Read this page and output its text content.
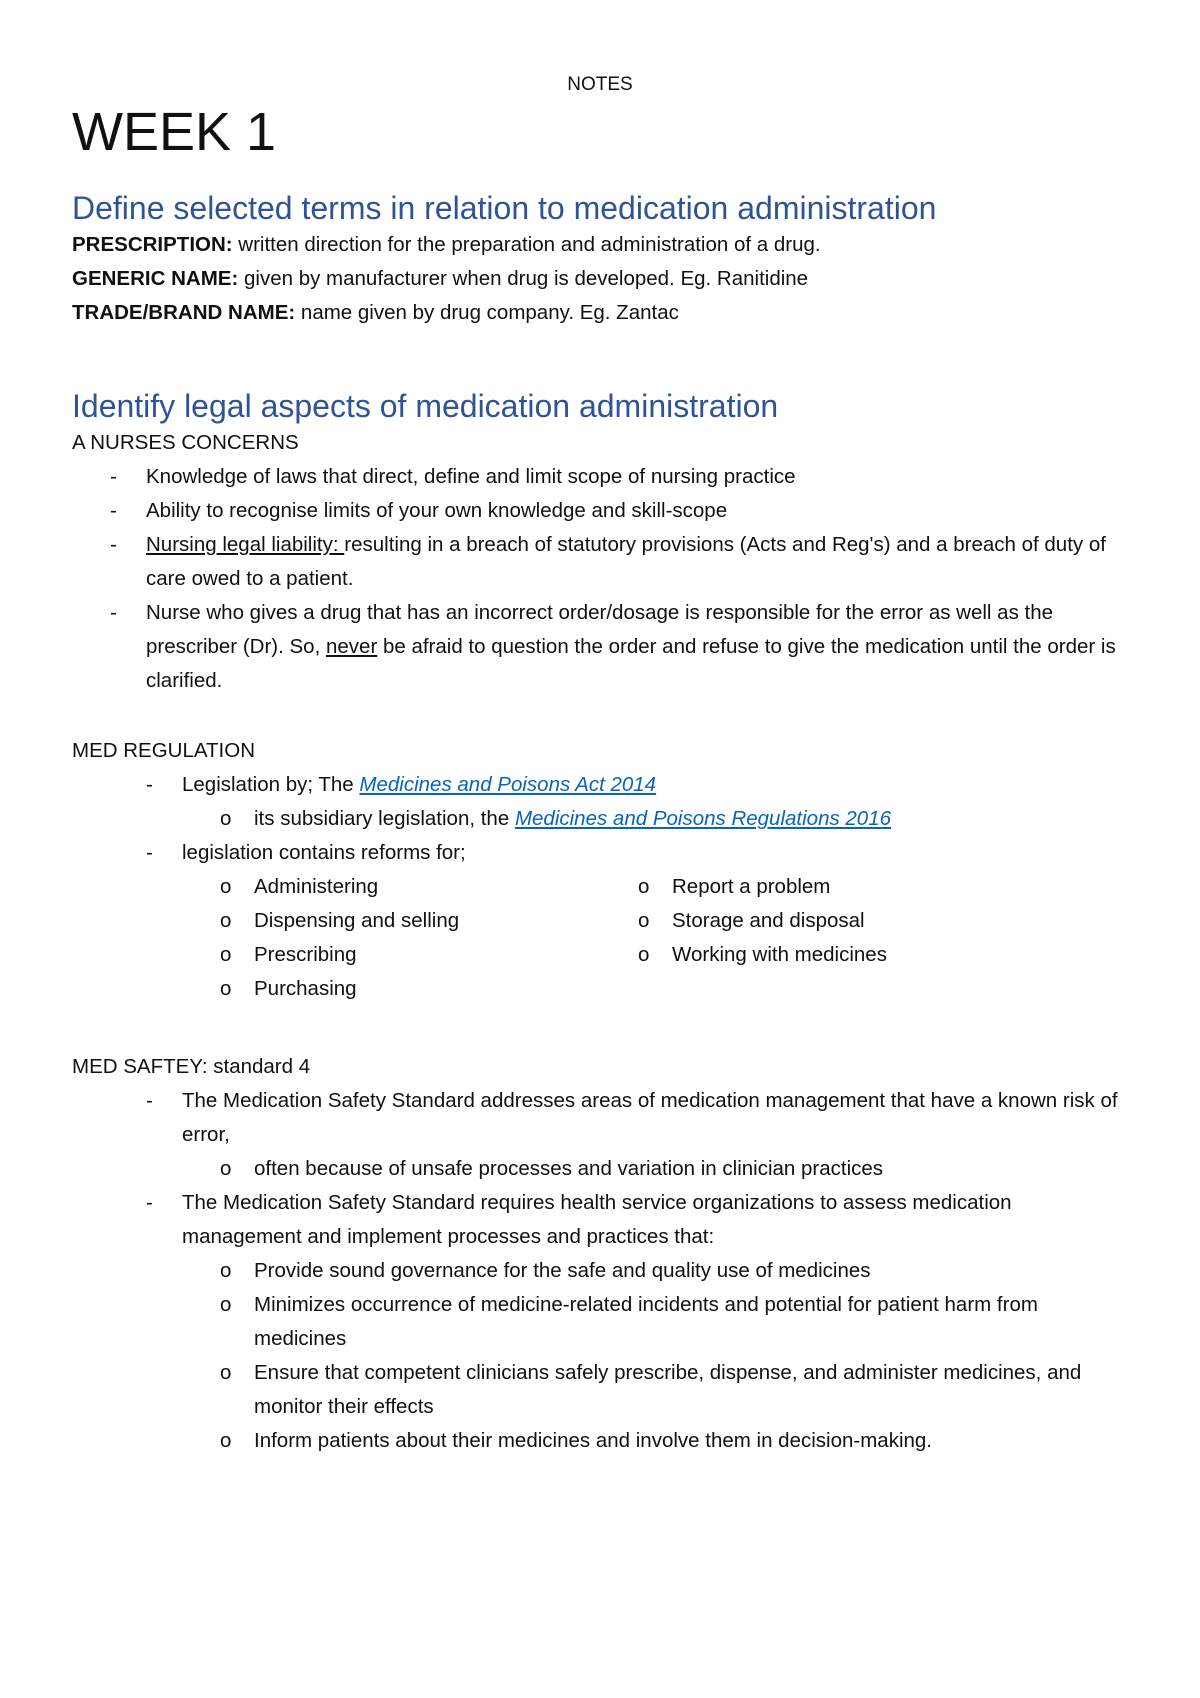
NOTES
WEEK 1
Define selected terms in relation to medication administration

PRESCRIPTION: written direction for the preparation and administration of a drug.

GENERIC NAME: given by manufacturer when drug is developed. Eg. Ranitidine

TRADE/BRAND NAME: name given by drug company. Eg. Zantac

Identify legal aspects of medication administration

A NURSES CONCERNS

- Knowledge of laws that direct, define and limit scope of nursing practice
- Ability to recognise limits of your own knowledge and skill-scope
- Nursing legal liability: resulting in a breach of statutory provisions (Acts and Reg's) and a breach of duty of care owed to a patient.
- Nurse who gives a drug that has an incorrect order/dosage is responsible for the error as well as the prescriber (Dr). So, never be afraid to question the order and refuse to give the medication until the order is clarified.

MED REGULATION

- Legislation by; The Medicines and Poisons Act 2014
o its subsidiary legislation, the Medicines and Poisons Regulations 2016
- legislation contains reforms for;
o Administering
o Dispensing and selling
o Prescribing
o Purchasing
o Report a problem
o Storage and disposal
o Working with medicines

MED SAFTEY: standard 4

- The Medication Safety Standard addresses areas of medication management that have a known risk of error,
o often because of unsafe processes and variation in clinician practices
- The Medication Safety Standard requires health service organizations to assess medication management and implement processes and practices that:
o Provide sound governance for the safe and quality use of medicines
o Minimizes occurrence of medicine-related incidents and potential for patient harm from medicines
o Ensure that competent clinicians safely prescribe, dispense, and administer medicines, and monitor their effects
o Inform patients about their medicines and involve them in decision-making.
